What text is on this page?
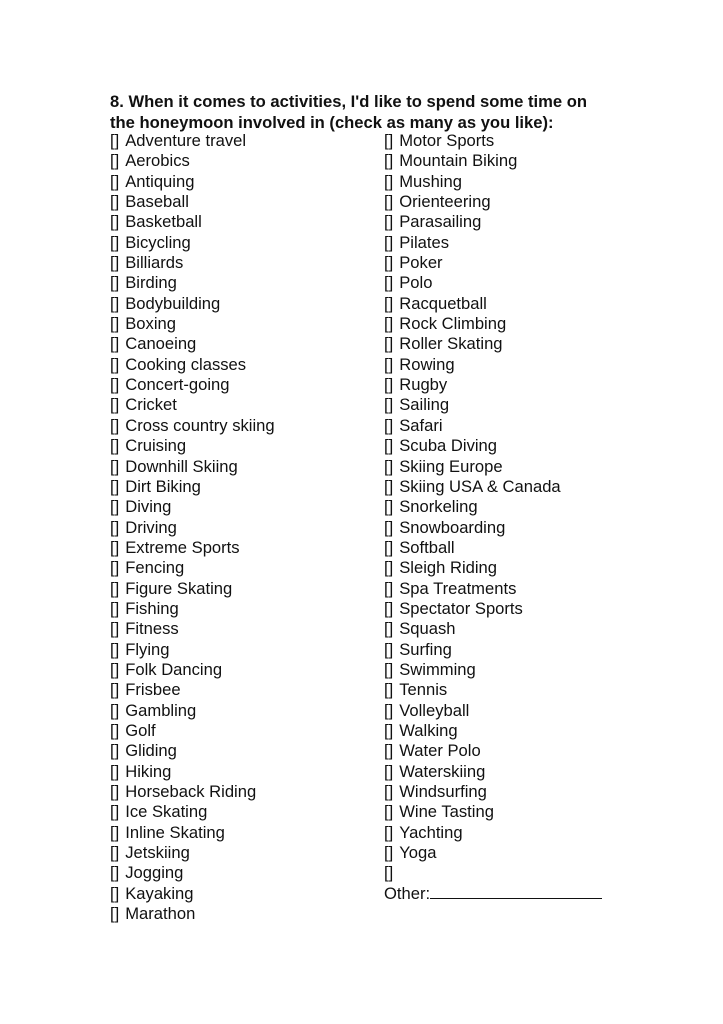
8. When it comes to activities, I'd like to spend some time on
the honeymoon involved in (check as many as you like):

[] Adventure travel
[] Aerobics
[] Antiquing
[] Baseball
[] Basketball
[] Bicycling
[] Billiards
[] Birding
[] Bodybuilding
[] Boxing
[] Canoeing
[] Cooking classes
[] Concert-going
[] Cricket
[] Cross country skiing
[] Cruising
[] Downhill Skiing
[] Dirt Biking
[] Diving
[] Driving
[] Extreme Sports
[] Fencing
[] Figure Skating
[] Fishing
[] Fitness
[] Flying
[] Folk Dancing
[] Frisbee
[] Gambling
[] Golf
[] Gliding
[] Hiking
[] Horseback Riding
[] Ice Skating
[] Inline Skating
[] Jetskiing
[] Jogging
[] Kayaking
[] Marathon
[] Motor Sports
[] Mountain Biking
[] Mushing
[] Orienteering
[] Parasailing
[] Pilates
[] Poker
[] Polo
[] Racquetball
[] Rock Climbing
[] Roller Skating
[] Rowing
[] Rugby
[] Sailing
[] Safari
[] Scuba Diving
[] Skiing Europe
[] Skiing USA & Canada
[] Snorkeling
[] Snowboarding
[] Softball
[] Sleigh Riding
[] Spa Treatments
[] Spectator Sports
[] Squash
[] Surfing
[] Swimming
[] Tennis
[] Volleyball
[] Walking
[] Water Polo
[] Waterskiing
[] Windsurfing
[] Wine Tasting
[] Yachting
[] Yoga
[]
Other:
